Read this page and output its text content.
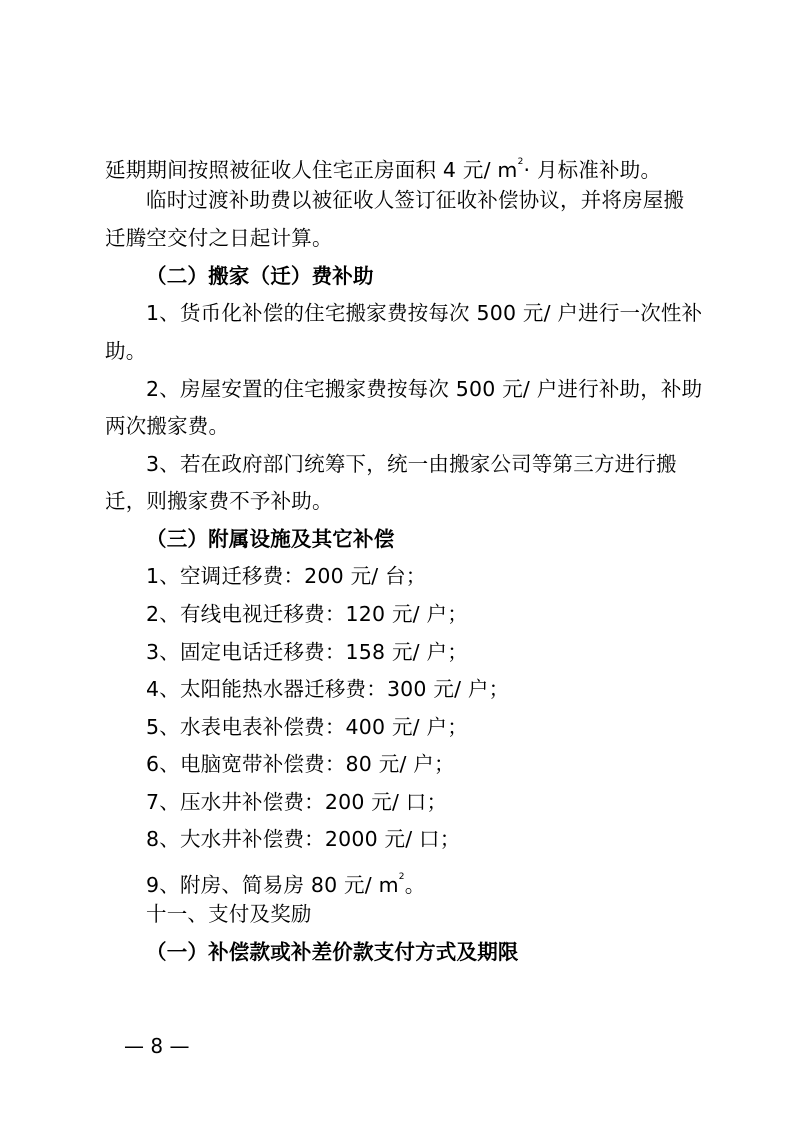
延期期间按照被征收人住宅正房面积 4 元/ $m^2\cdot$ 月标准补助。
临时过渡补助费以被征收人签订征收补偿协议，并将房屋搬
迁腾空交付之日起计算。
（二）搬家（迁）费补助
1、货币化补偿的住宅搬家费按每次 500 元/ 户进行一次性补
助。
2、房屋安置的住宅搬家费按每次 500 元/ 户进行补助，补助
两次搬家费。
3、若在政府部门统筹下，统一由搬家公司等第三方进行搬
迁，则搬家费不予补助。
（三）附属设施及其它补偿
1、空调迁移费：200 元/ 台；
2、有线电视迁移费：120 元/ 户；
3、固定电话迁移费：158 元/ 户；
4、太阳能热水器迁移费：300 元/ 户；
5、水表电表补偿费：400 元/ 户；
6、电脑宽带补偿费：80 元/ 户；
7、压水井补偿费：200 元/ 口；
8、大水井补偿费：2000 元/ 口；
9、附房、简易房 80 元/ $m^2$。
十一、支付及奖励
（一）补偿款或补差价款支付方式及期限
— 8 —
